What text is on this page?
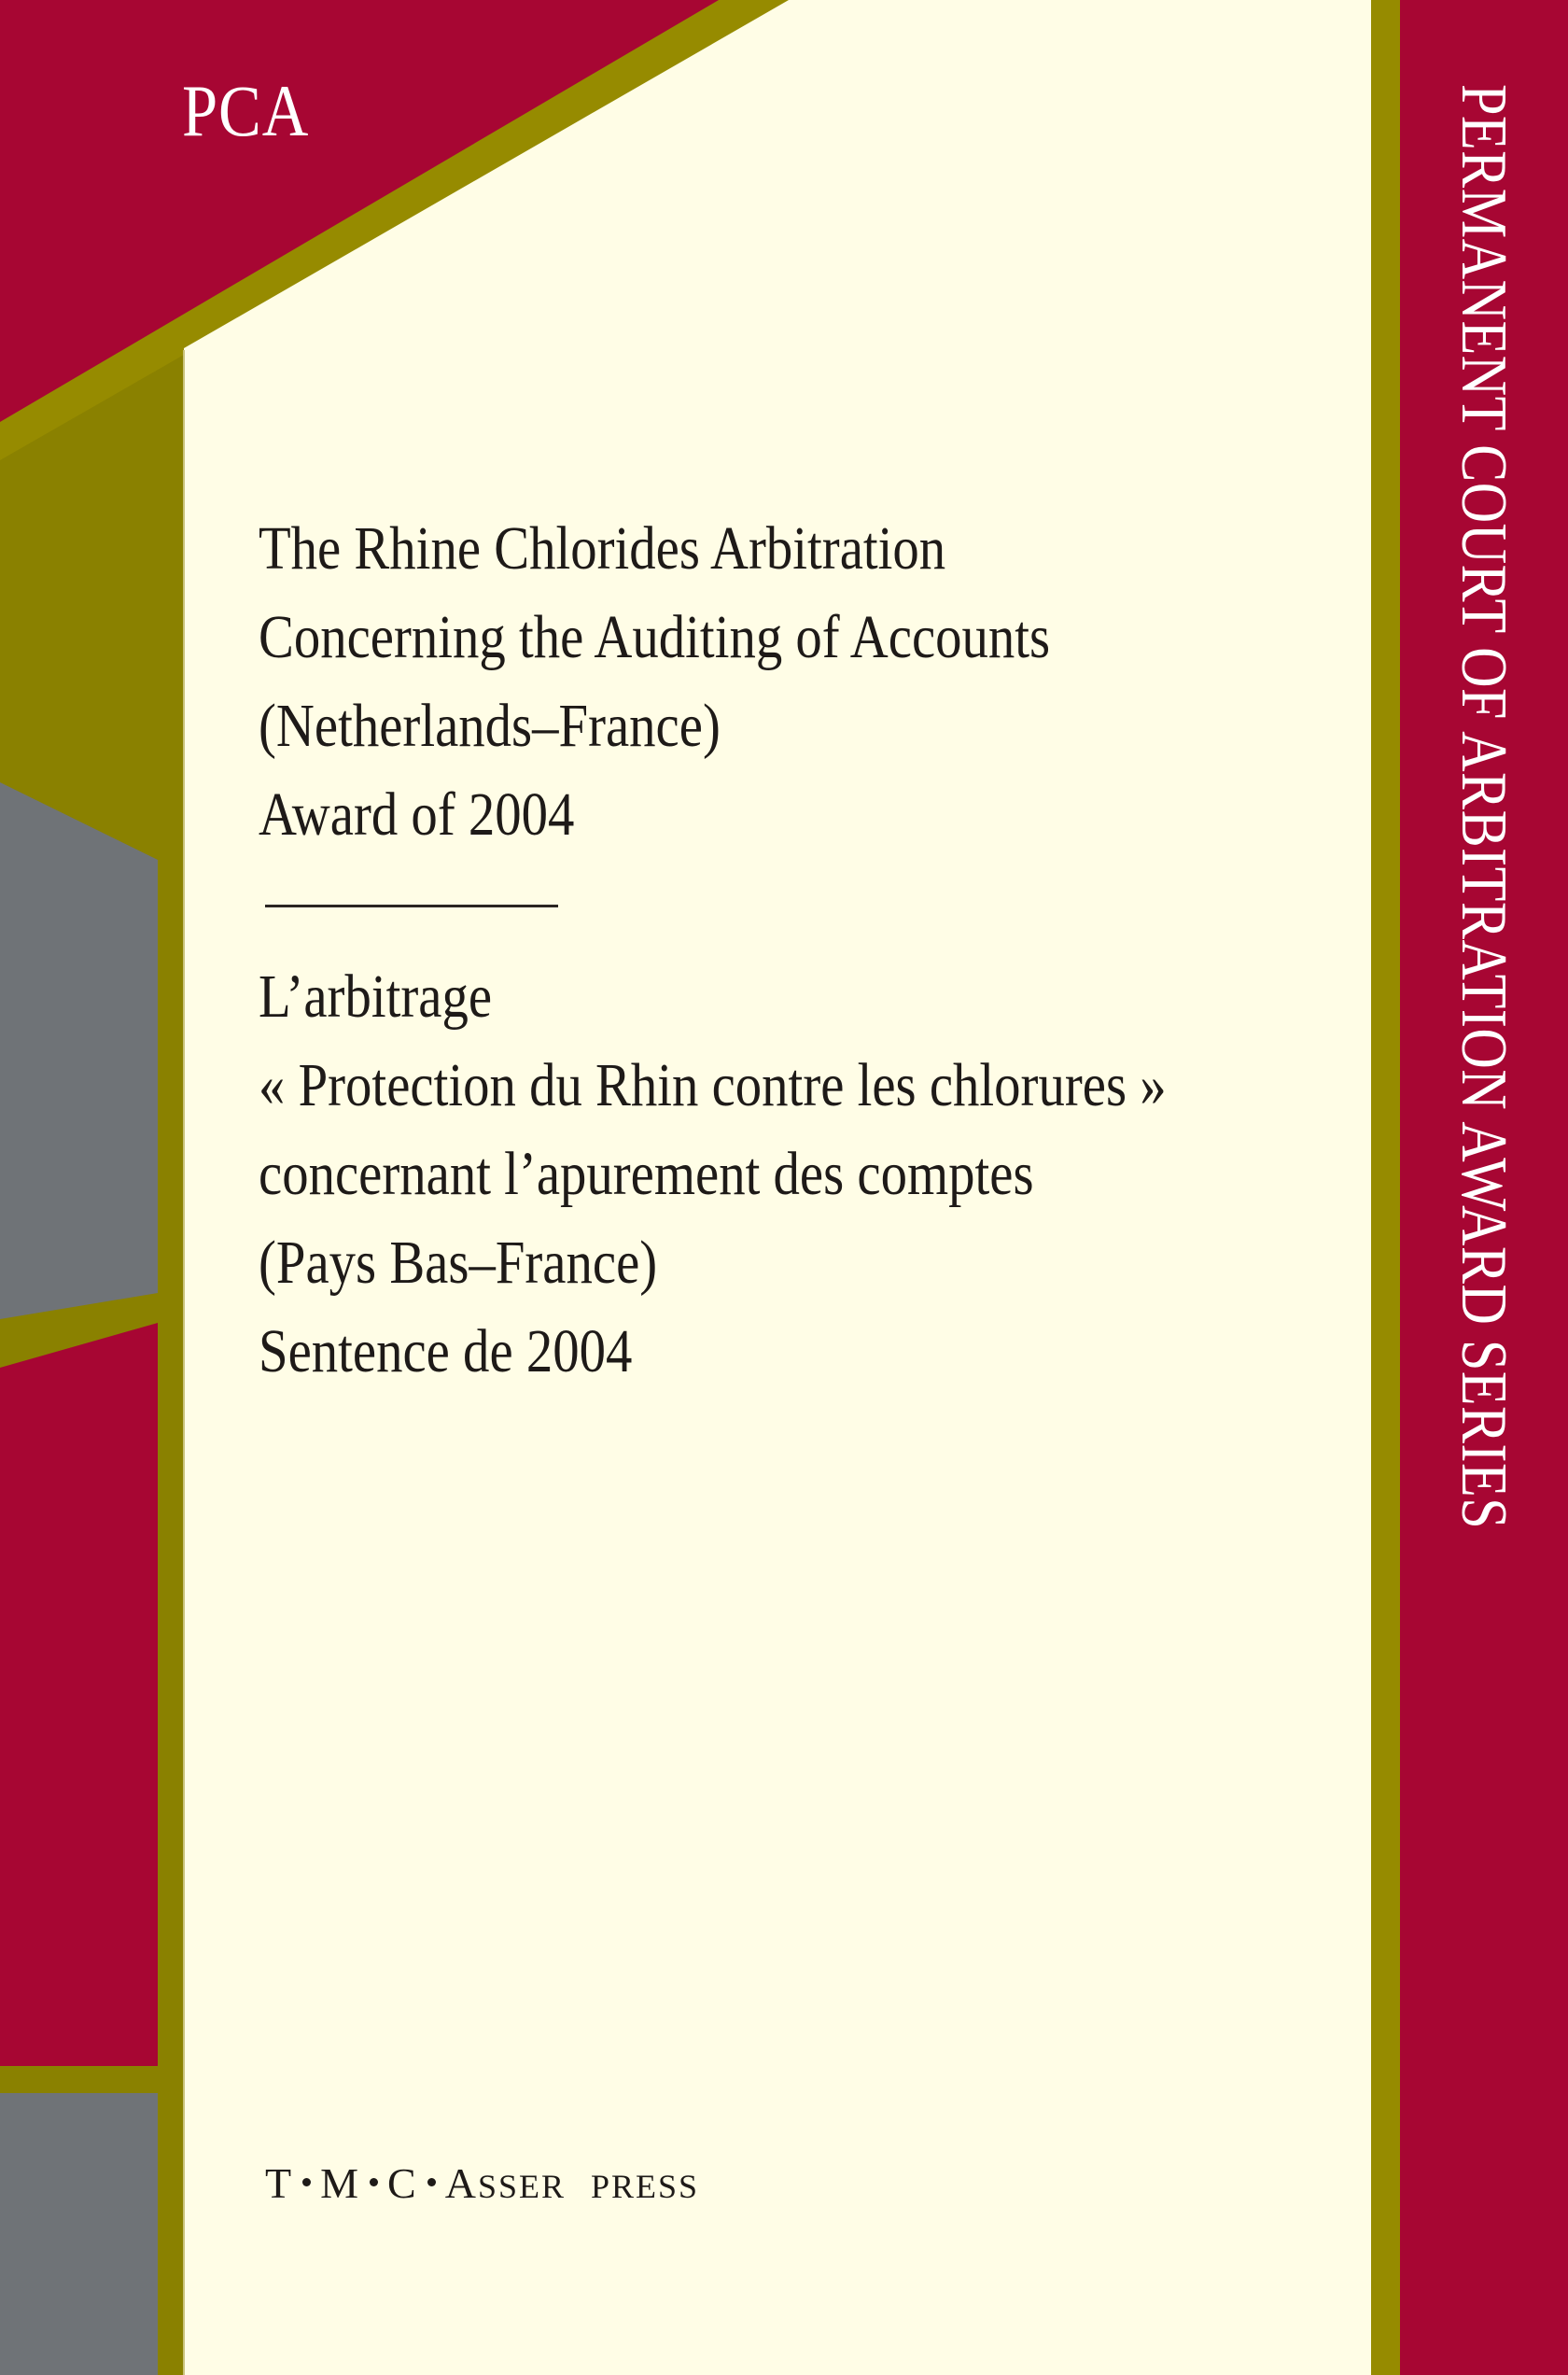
PCA
The Rhine Chlorides Arbitration
Concerning the Auditing of Accounts
(Netherlands–France)
Award of 2004
L’arbitrage
« Protection du Rhin contre les chlorures »
concernant l’apurement des comptes
(Pays Bas–France)
Sentence de 2004
T M C ASSER PRESS
PERMANENT COURT OF ARBITRATION AWARD SERIES
